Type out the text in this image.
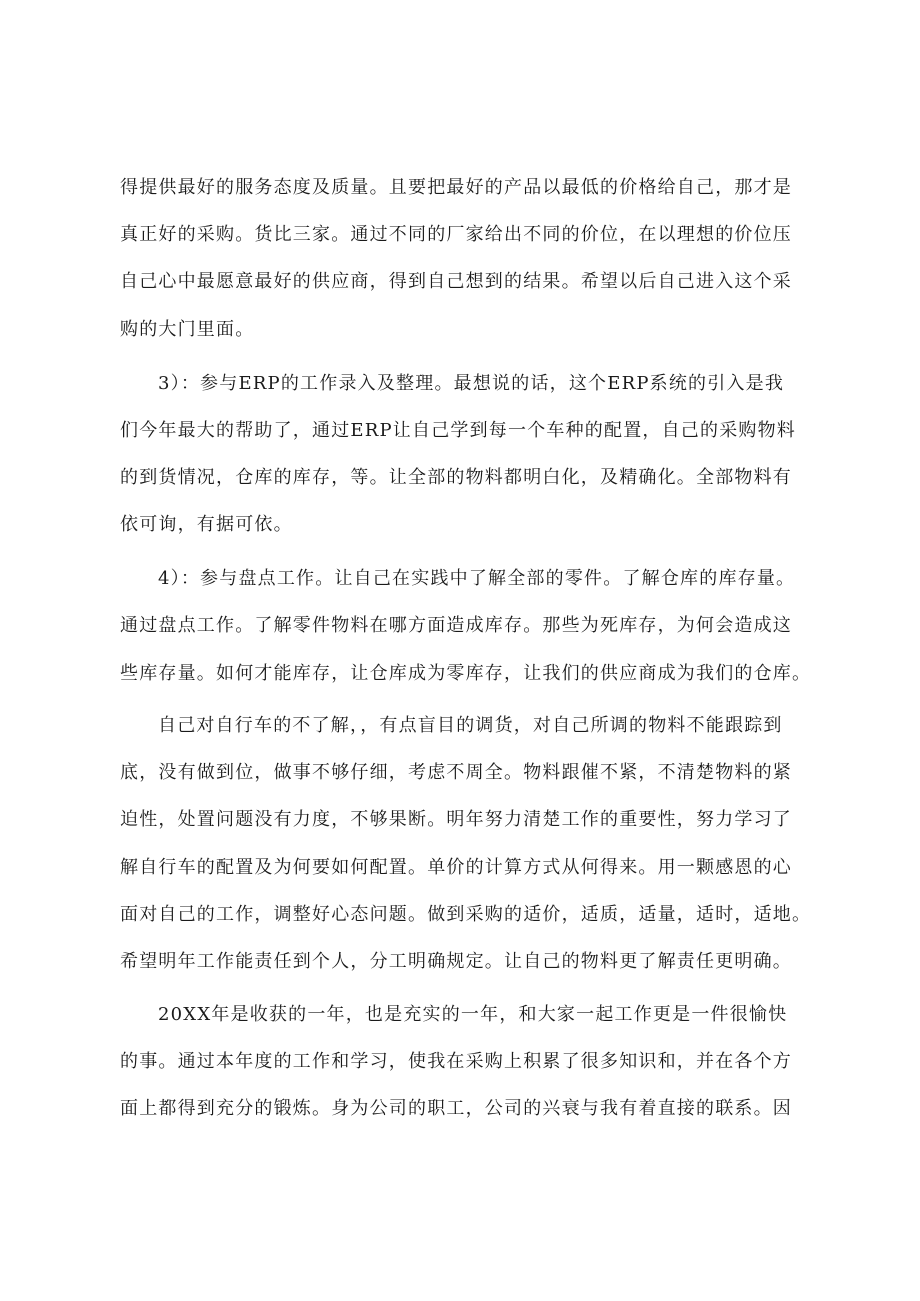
得提供最好的服务态度及质量。且要把最好的产品以最低的价格给自己，那才是
真正好的采购。货比三家。通过不同的厂家给出不同的价位，在以理想的价位压
自己心中最愿意最好的供应商，得到自己想到的结果。希望以后自己进入这个采
购的大门里面。
3）：参与ERP的工作录入及整理。最想说的话，这个ERP系统的引入是我
们今年最大的帮助了，通过ERP让自己学到每一个车种的配置，自己的采购物料
的到货情况，仓库的库存，等。让全部的物料都明白化，及精确化。全部物料有
依可询，有据可依。
4）：参与盘点工作。让自己在实践中了解全部的零件。了解仓库的库存量。
通过盘点工作。了解零件物料在哪方面造成库存。那些为死库存，为何会造成这
些库存量。如何才能库存，让仓库成为零库存，让我们的供应商成为我们的仓库。
自己对自行车的不了解，，有点盲目的调货，对自己所调的物料不能跟踪到
底，没有做到位，做事不够仔细，考虑不周全。物料跟催不紧，不清楚物料的紧
迫性，处置问题没有力度，不够果断。明年努力清楚工作的重要性，努力学习了
解自行车的配置及为何要如何配置。单价的计算方式从何得来。用一颗感恩的心
面对自己的工作，调整好心态问题。做到采购的适价，适质，适量，适时，适地。
希望明年工作能责任到个人，分工明确规定。让自己的物料更了解责任更明确。
20XX年是收获的一年，也是充实的一年，和大家一起工作更是一件很愉快
的事。通过本年度的工作和学习，使我在采购上积累了很多知识和，并在各个方
面上都得到充分的锻炼。身为公司的职工，公司的兴衰与我有着直接的联系。因
